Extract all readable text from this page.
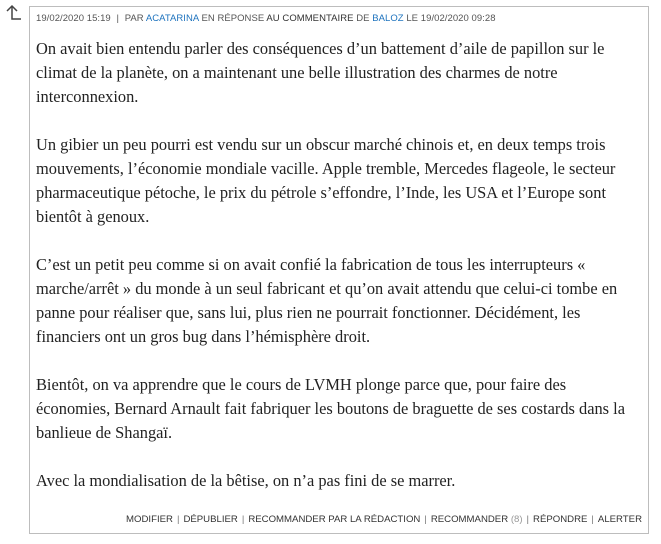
19/02/2020 15:19 | PAR ACATARINA EN RÉPONSE AU COMMENTAIRE DE BALOZ LE 19/02/2020 09:28

On avait bien entendu parler des conséquences d’un battement d’aile de papillon sur le climat de la planète, on a maintenant une belle illustration des charmes de notre interconnexion.

Un gibier un peu pourri est vendu sur un obscur marché chinois et, en deux temps trois mouvements, l’économie mondiale vacille. Apple tremble, Mercedes flageole, le secteur pharmaceutique pétoche, le prix du pétrole s’effondre, l’Inde, les USA et l’Europe sont bientôt à genoux.

C’est un petit peu comme si on avait confié la fabrication de tous les interrupteurs « marche/arrêt » du monde à un seul fabricant et qu’on avait attendu que celui-ci tombe en panne pour réaliser que, sans lui, plus rien ne pourrait fonctionner. Décidément, les financiers ont un gros bug dans l’hémisphère droit.

Bientôt, on va apprendre que le cours de LVMH plonge parce que, pour faire des économies, Bernard Arnault fait fabriquer les boutons de braguette de ses costards dans la banlieue de Shangaï.

Avec la mondialisation de la bêtise, on n’a pas fini de se marrer.

MODIFIER | DÉPUBLIER | RECOMMANDER PAR LA RÉDACTION | RECOMMANDER (8) | RÉPONDRE | ALERTER
